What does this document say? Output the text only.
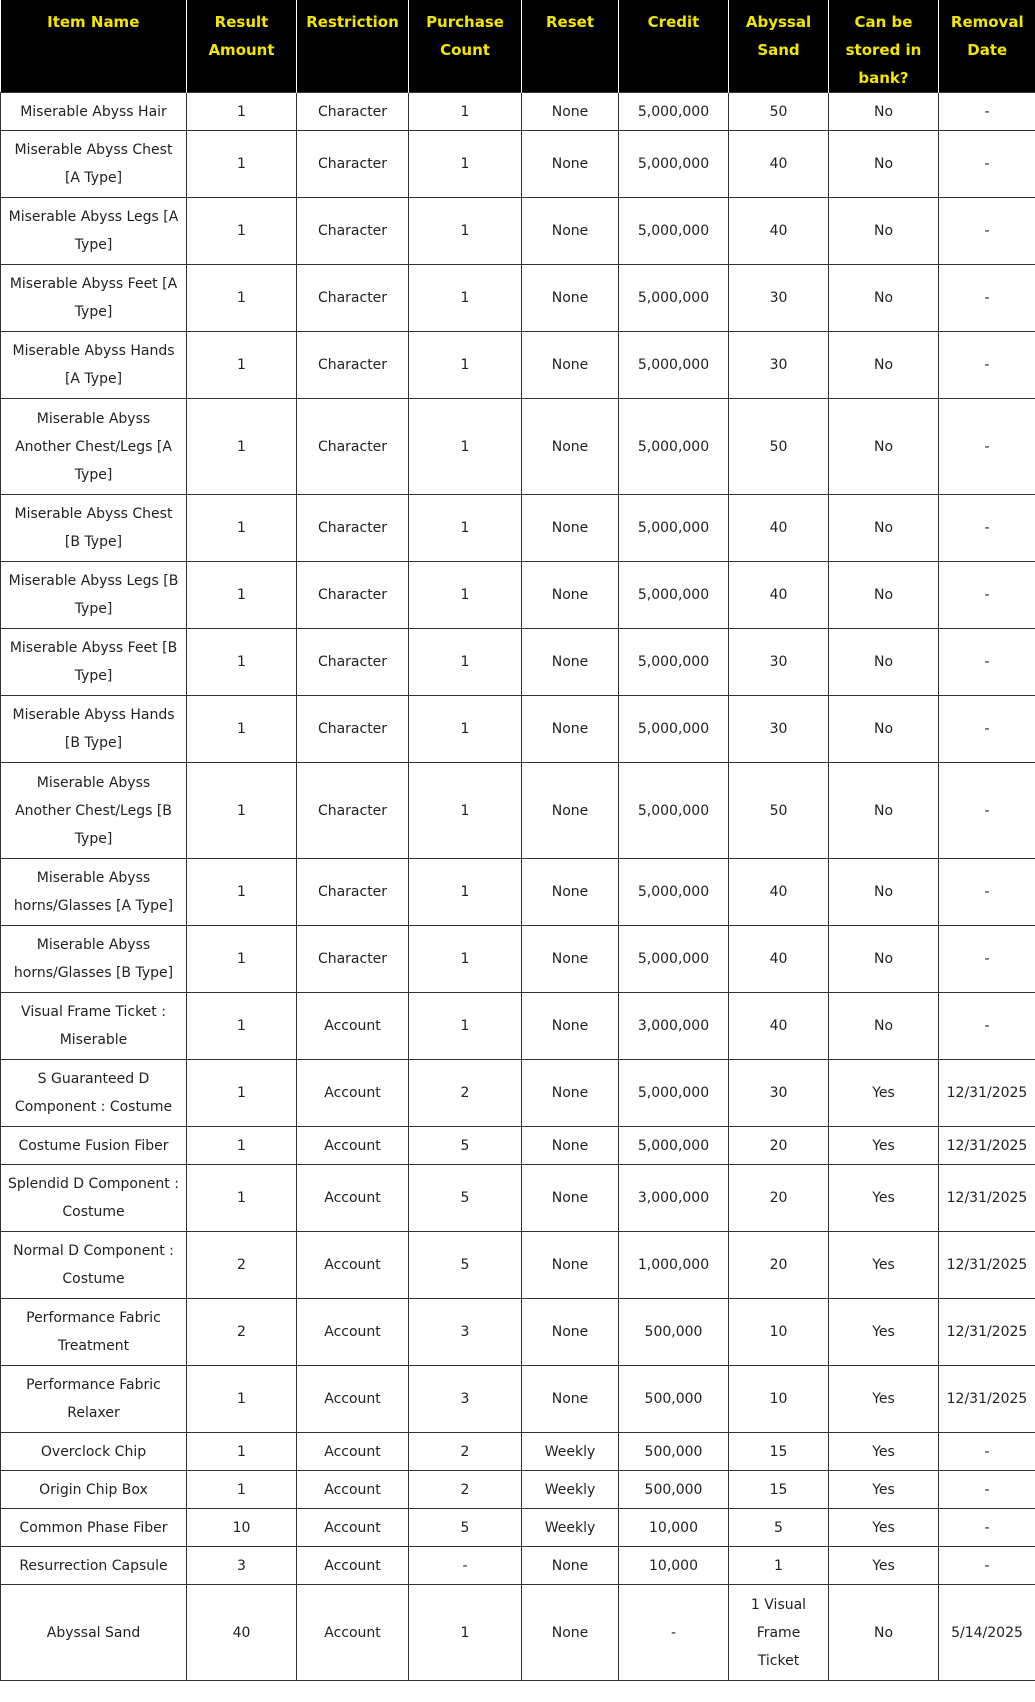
Item Name	Result Amount	Restriction	Purchase Count	Reset	Credit	Abyssal Sand	Can be stored in bank?	Removal Date
Miserable Abyss Hair	1	Character	1	None	5,000,000	50	No	-
Miserable Abyss Chest [A Type]	1	Character	1	None	5,000,000	40	No	-
Miserable Abyss Legs [A Type]	1	Character	1	None	5,000,000	40	No	-
Miserable Abyss Feet [A Type]	1	Character	1	None	5,000,000	30	No	-
Miserable Abyss Hands [A Type]	1	Character	1	None	5,000,000	30	No	-
Miserable Abyss Another Chest/Legs [A Type]	1	Character	1	None	5,000,000	50	No	-
Miserable Abyss Chest [B Type]	1	Character	1	None	5,000,000	40	No	-
Miserable Abyss Legs [B Type]	1	Character	1	None	5,000,000	40	No	-
Miserable Abyss Feet [B Type]	1	Character	1	None	5,000,000	30	No	-
Miserable Abyss Hands [B Type]	1	Character	1	None	5,000,000	30	No	-
Miserable Abyss Another Chest/Legs [B Type]	1	Character	1	None	5,000,000	50	No	-
Miserable Abyss horns/Glasses [A Type]	1	Character	1	None	5,000,000	40	No	-
Miserable Abyss horns/Glasses [B Type]	1	Character	1	None	5,000,000	40	No	-
Visual Frame Ticket : Miserable	1	Account	1	None	3,000,000	40	No	-
S Guaranteed D Component : Costume	1	Account	2	None	5,000,000	30	Yes	12/31/2025
Costume Fusion Fiber	1	Account	5	None	5,000,000	20	Yes	12/31/2025
Splendid D Component : Costume	1	Account	5	None	3,000,000	20	Yes	12/31/2025
Normal D Component : Costume	2	Account	5	None	1,000,000	20	Yes	12/31/2025
Performance Fabric Treatment	2	Account	3	None	500,000	10	Yes	12/31/2025
Performance Fabric Relaxer	1	Account	3	None	500,000	10	Yes	12/31/2025
Overclock Chip	1	Account	2	Weekly	500,000	15	Yes	-
Origin Chip Box	1	Account	2	Weekly	500,000	15	Yes	-
Common Phase Fiber	10	Account	5	Weekly	10,000	5	Yes	-
Resurrection Capsule	3	Account	-	None	10,000	1	Yes	-
Abyssal Sand	40	Account	1	None	-	1 Visual Frame Ticket	No	5/14/2025
